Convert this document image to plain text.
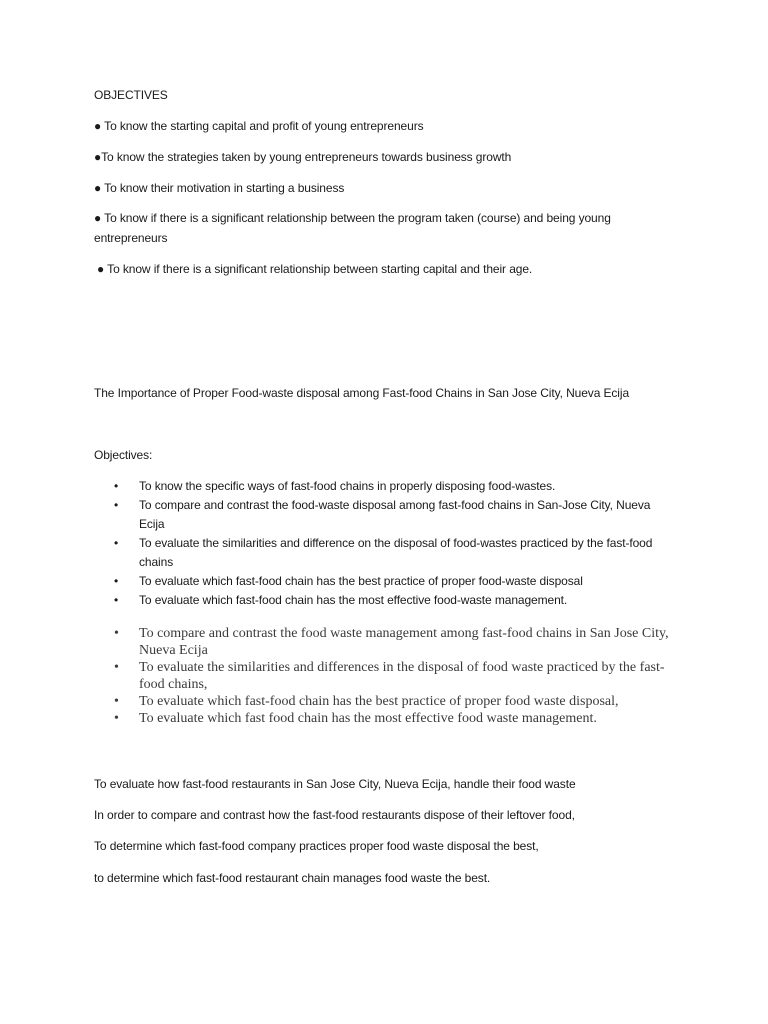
OBJECTIVES
● To know the starting capital and profit of young entrepreneurs
●To know the strategies taken by young entrepreneurs towards business growth
● To know their motivation in starting a business
● To know if there is a significant relationship between the program taken (course) and being young entrepreneurs
● To know if there is a significant relationship between starting capital and their age.
The Importance of Proper Food-waste disposal among Fast-food Chains in San Jose City, Nueva Ecija
Objectives:
• To know the specific ways of fast-food chains in properly disposing food-wastes.
• To compare and contrast the food-waste disposal among fast-food chains in San-Jose City, Nueva Ecija
• To evaluate the similarities and difference on the disposal of food-wastes practiced by the fast-food chains
• To evaluate which fast-food chain has the best practice of proper food-waste disposal
• To evaluate which fast-food chain has the most effective food-waste management.
• To compare and contrast the food waste management among fast-food chains in San Jose City, Nueva Ecija
• To evaluate the similarities and differences in the disposal of food waste practiced by the fast-food chains,
• To evaluate which fast-food chain has the best practice of proper food waste disposal,
• To evaluate which fast food chain has the most effective food waste management.
To evaluate how fast-food restaurants in San Jose City, Nueva Ecija, handle their food waste
In order to compare and contrast how the fast-food restaurants dispose of their leftover food,
To determine which fast-food company practices proper food waste disposal the best,
to determine which fast-food restaurant chain manages food waste the best.
